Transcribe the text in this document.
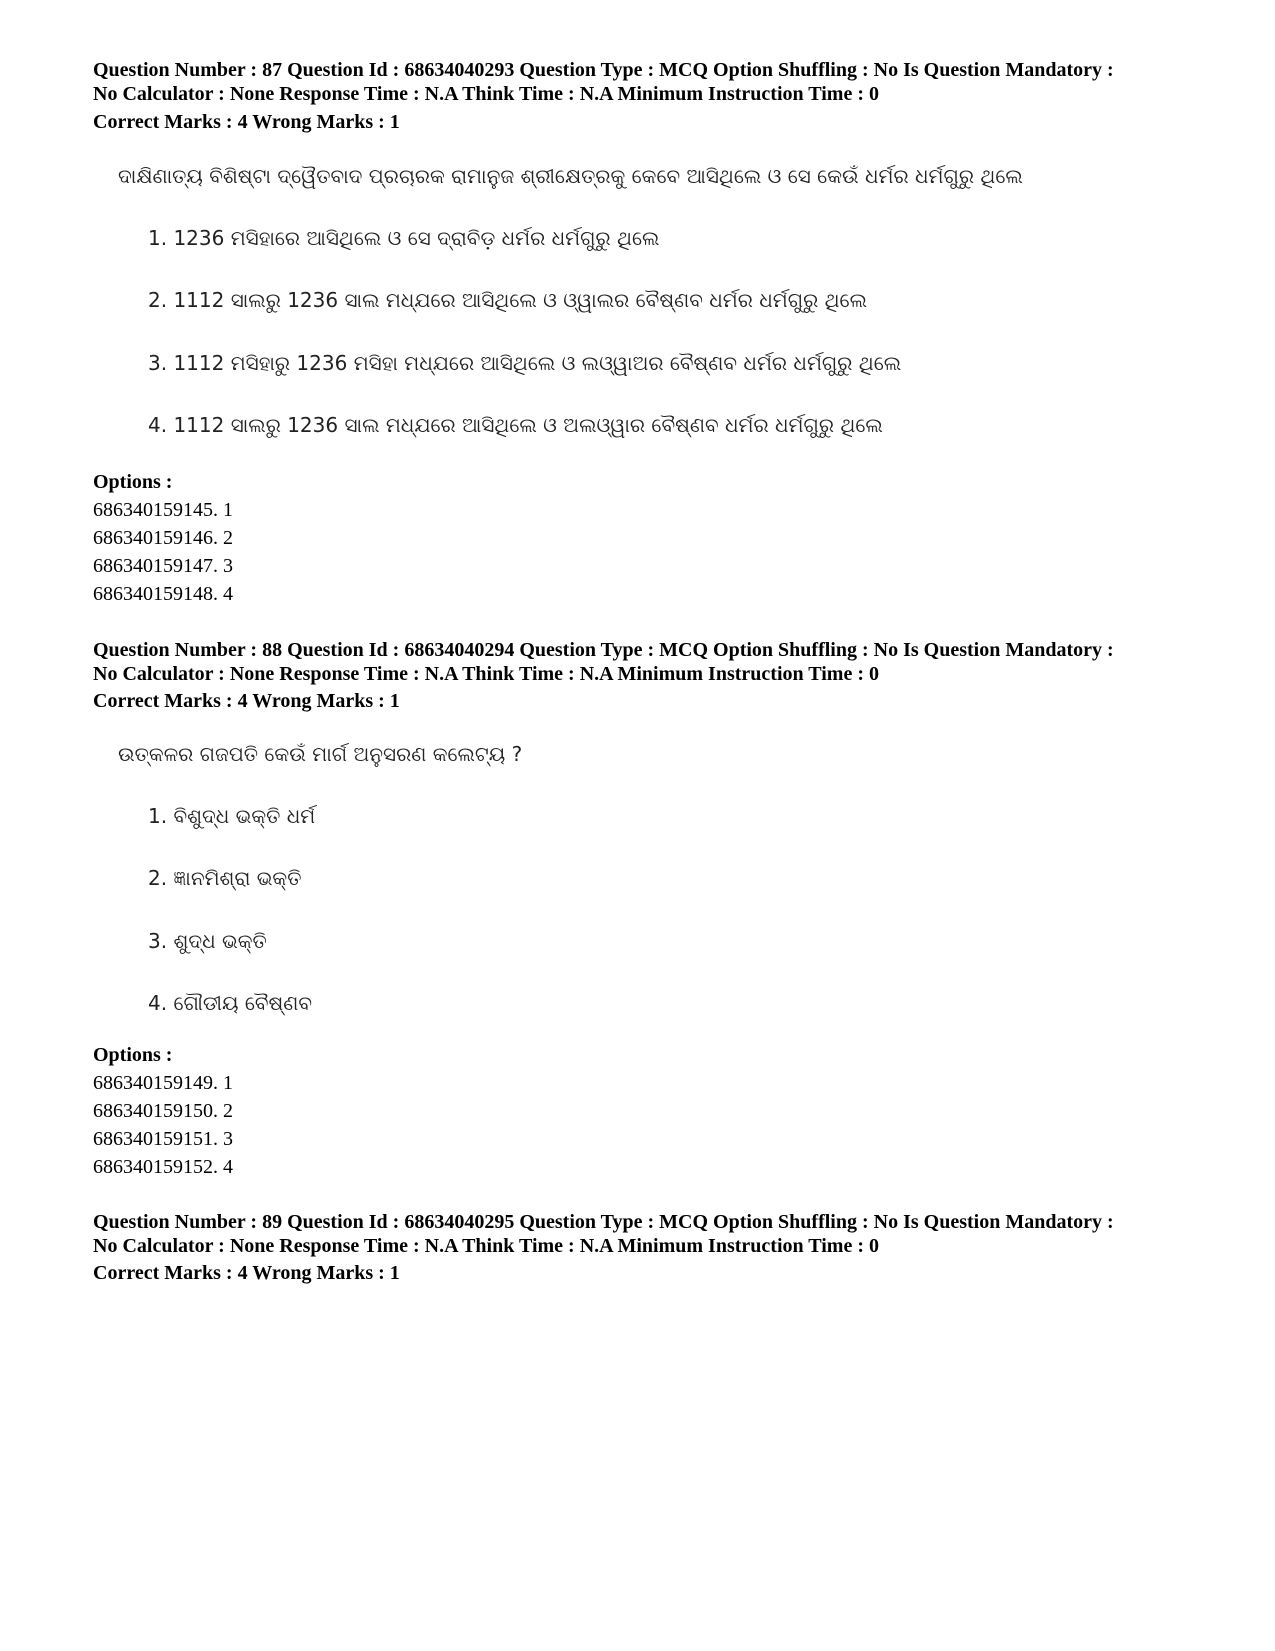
Question Number : 87 Question Id : 68634040293 Question Type : MCQ Option Shuffling : No Is Question Mandatory :
No Calculator : None Response Time : N.A Think Time : N.A Minimum Instruction Time : 0
Correct Marks : 4 Wrong Marks : 1
ଦାକ୍ଷିଣାତ୍ୟ ବିଶିଷ୍ଟା ଦ୍ୱୈତବାଦ ପ୍ରଚାରକ ରାମାନୁଜ ଶ୍ରୀକ୍ଷେତ୍ରକୁ କେବେ ଆସିଥିଲେ ଓ ସେ କେଉଁ ଧର୍ମର ଧର୍ମଗୁରୁ ଥିଲେ
1. 1236 ମସିହାରେ ଆସିଥିଲେ ଓ ସେ ଦ୍ରାବିଡ଼ ଧର୍ମର ଧର୍ମଗୁରୁ ଥିଲେ
2. 1112 ସାଲରୁ 1236 ସାଲ ମଧ୍ଯରେ ଆସିଥିଲେ ଓ ଓ୍ୱାଲର ବୈଷ୍ଣବ ଧର୍ମର ଧର୍ମଗୁରୁ ଥିଲେ
3. 1112 ମସିହାରୁ 1236 ମସିହା ମଧ୍ଯରେ ଆସିଥିଲେ ଓ ଲଓ୍ୱାଅର ବୈଷ୍ଣବ ଧର୍ମର ଧର୍ମଗୁରୁ ଥିଲେ
4. 1112 ସାଲରୁ 1236 ସାଲ ମଧ୍ଯରେ ଆସିଥିଲେ ଓ ଅଲଓ୍ୱାର ବୈଷ୍ଣବ ଧର୍ମର ଧର୍ମଗୁରୁ ଥିଲେ
Options :
686340159145. 1
686340159146. 2
686340159147. 3
686340159148. 4
Question Number : 88 Question Id : 68634040294 Question Type : MCQ Option Shuffling : No Is Question Mandatory :
No Calculator : None Response Time : N.A Think Time : N.A Minimum Instruction Time : 0
Correct Marks : 4 Wrong Marks : 1
ଉତ୍କଳର ଗଜପତି କେଉଁ ମାର୍ଗ ଅନୁସରଣ କଲେଟ୍ୟ ?
1. ବିଶୁଦ୍ଧ ଭକ୍ତି ଧର୍ମ
2. ଜ୍ଞାନମିଶ୍ରା ଭକ୍ତି
3. ଶୁଦ୍ଧ ଭକ୍ତି
4. ଗୌଡୀୟ ବୈଷ୍ଣବ
Options :
686340159149. 1
686340159150. 2
686340159151. 3
686340159152. 4
Question Number : 89 Question Id : 68634040295 Question Type : MCQ Option Shuffling : No Is Question Mandatory :
No Calculator : None Response Time : N.A Think Time : N.A Minimum Instruction Time : 0
Correct Marks : 4 Wrong Marks : 1
